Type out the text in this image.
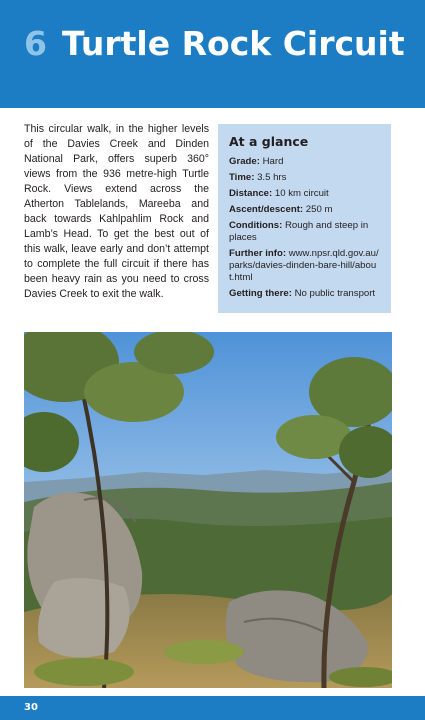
6 Turtle Rock Circuit

This circular walk, in the higher levels of the Davies Creek and Dinden National Park, offers superb 360° views from the 936 metre-high Turtle Rock. Views extend across the Atherton Tablelands, Mareeba and back towards Kahlpahlim Rock and Lamb’s Head. To get the best out of this walk, leave early and don’t attempt to complete the full circuit if there has been heavy rain as you need to cross Davies Creek to exit the walk.

At a glance
Grade: Hard
Time: 3.5 hrs
Distance: 10 km circuit
Ascent/descent: 250 m
Conditions: Rough and steep in places
Further info: www.npsr.qld.gov.au/parks/davies-dinden-bare-hill/about.html
Getting there: No public transport
30
